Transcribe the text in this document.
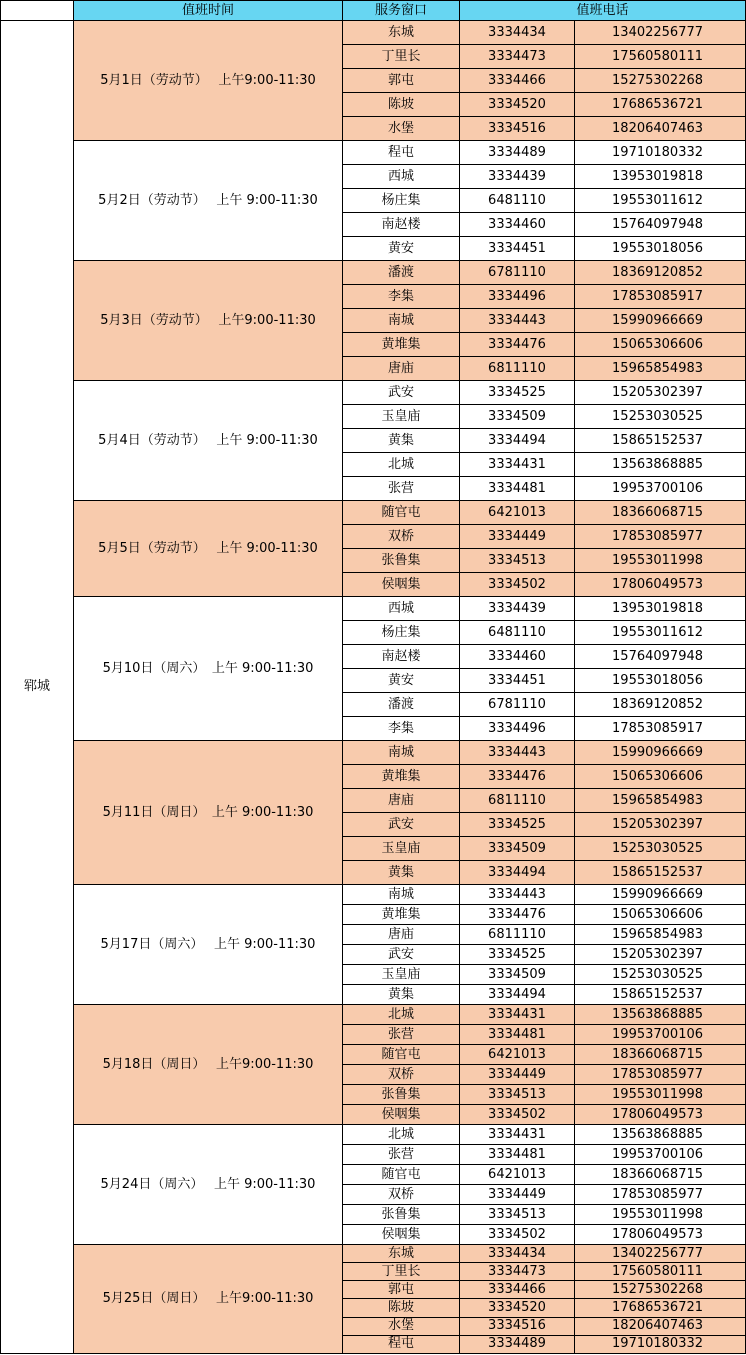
	值班时间	服务窗口	值班电话	
郓城	5月1日（劳动节）　 上午9:00-11:30	东城	3334434	13402256777
		丁里长	3334473	17560580111
		郭屯	3334466	15275302268
		陈坡	3334520	17686536721
		水堡	3334516	18206407463
	5月2日（劳动节）　 上午 9:00-11:30	程屯	3334489	19710180332
		西城	3334439	13953019818
		杨庄集	6481110	19553011612
		南赵楼	3334460	15764097948
		黄安	3334451	19553018056
	5月3日（劳动节）　 上午9:00-11:30	潘渡	6781110	18369120852
		李集	3334496	17853085917
		南城	3334443	15990966669
		黄堆集	3334476	15065306606
		唐庙	6811110	15965854983
	5月4日（劳动节）　 上午 9:00-11:30	武安	3334525	15205302397
		玉皇庙	3334509	15253030525
		黄集	3334494	15865152537
		北城	3334431	13563868885
		张营	3334481	19953700106
	5月5日（劳动节）　 上午 9:00-11:30	随官屯	6421013	18366068715
		双桥	3334449	17853085977
		张鲁集	3334513	19553011998
		侯咽集	3334502	17806049573
	5月10日（周六）　上午 9:00-11:30	西城	3334439	13953019818
		杨庄集	6481110	19553011612
		南赵楼	3334460	15764097948
		黄安	3334451	19553018056
		潘渡	6781110	18369120852
		李集	3334496	17853085917
	5月11日（周日）　上午 9:00-11:30	南城	3334443	15990966669
		黄堆集	3334476	15065306606
		唐庙	6811110	15965854983
		武安	3334525	15205302397
		玉皇庙	3334509	15253030525
		黄集	3334494	15865152537
	5月17日（周六）　 上午 9:00-11:30	南城	3334443	15990966669
		黄堆集	3334476	15065306606
		唐庙	6811110	15965854983
		武安	3334525	15205302397
		玉皇庙	3334509	15253030525
		黄集	3334494	15865152537
	5月18日（周日）　 上午9:00-11:30	北城	3334431	13563868885
		张营	3334481	19953700106
		随官屯	6421013	18366068715
		双桥	3334449	17853085977
		张鲁集	3334513	19553011998
		侯咽集	3334502	17806049573
	5月24日（周六）　 上午 9:00-11:30	北城	3334431	13563868885
		张营	3334481	19953700106
		随官屯	6421013	18366068715
		双桥	3334449	17853085977
		张鲁集	3334513	19553011998
		侯咽集	3334502	17806049573
	5月25日（周日）　 上午9:00-11:30	东城	3334434	13402256777
		丁里长	3334473	17560580111
		郭屯	3334466	15275302268
		陈坡	3334520	17686536721
		水堡	3334516	18206407463
		程屯	3334489	19710180332
